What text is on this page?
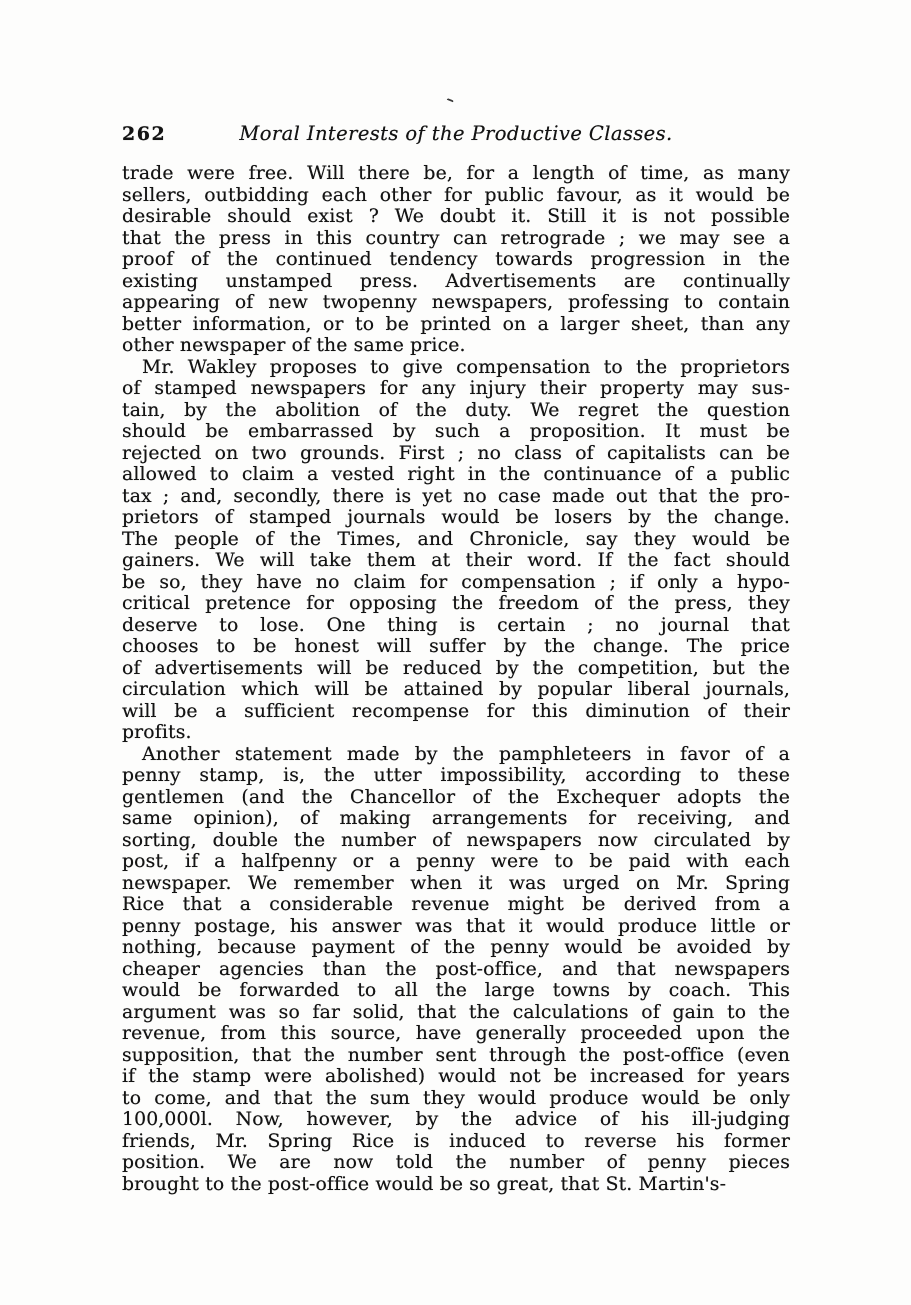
262	Moral Interests of the Productive Classes.
trade were free. Will there be, for a length of time, as many
sellers, outbidding each other for public favour, as it would be
desirable should exist ? We doubt it. Still it is not possible
that the press in this country can retrograde ; we may see a
proof of the continued tendency towards progression in the
existing unstamped press. Advertisements are continually
appearing of new twopenny newspapers, professing to contain
better information, or to be printed on a larger sheet, than any
other newspaper of the same price.
Mr. Wakley proposes to give compensation to the proprietors
of stamped newspapers for any injury their property may sus-
tain, by the abolition of the duty. We regret the question
should be embarrassed by such a proposition. It must be
rejected on two grounds. First ; no class of capitalists can be
allowed to claim a vested right in the continuance of a public
tax ; and, secondly, there is yet no case made out that the pro-
prietors of stamped journals would be losers by the change.
The people of the Times, and Chronicle, say they would be
gainers. We will take them at their word. If the fact should
be so, they have no claim for compensation ; if only a hypo-
critical pretence for opposing the freedom of the press, they
deserve to lose. One thing is certain ; no journal that
chooses to be honest will suffer by the change. The price
of advertisements will be reduced by the competition, but the
circulation which will be attained by popular liberal journals,
will be a sufficient recompense for this diminution of their
profits.
Another statement made by the pamphleteers in favor of a
penny stamp, is, the utter impossibility, according to these
gentlemen (and the Chancellor of the Exchequer adopts the
same opinion), of making arrangements for receiving, and
sorting, double the number of newspapers now circulated by
post, if a halfpenny or a penny were to be paid with each
newspaper. We remember when it was urged on Mr. Spring
Rice that a considerable revenue might be derived from a
penny postage, his answer was that it would produce little or
nothing, because payment of the penny would be avoided by
cheaper agencies than the post-office, and that newspapers
would be forwarded to all the large towns by coach. This
argument was so far solid, that the calculations of gain to the
revenue, from this source, have generally proceeded upon the
supposition, that the number sent through the post-office (even
if the stamp were abolished) would not be increased for years
to come, and that the sum they would produce would be only
100,000l. Now, however, by the advice of his ill-judging
friends, Mr. Spring Rice is induced to reverse his former
position. We are now told the number of penny pieces
brought to the post-office would be so great, that St. Martin's-
